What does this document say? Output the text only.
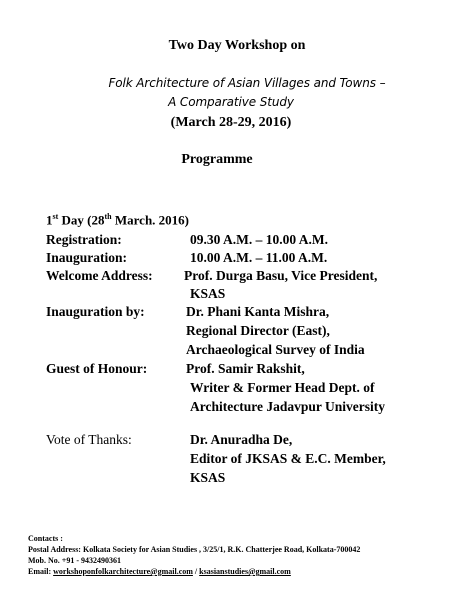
Two Day Workshop on
Folk Architecture of Asian Villages and Towns –
A Comparative Study
(March 28-29, 2016)
Programme
1st Day (28th March. 2016)
Registration:	09.30 A.M. – 10.00 A.M.
Inauguration:	10.00 A.M. – 11.00 A.M.
Welcome Address: Prof. Durga Basu, Vice President,
KSAS
Inauguration by:	Dr. Phani Kanta Mishra,
Regional Director (East),
Archaeological Survey of India
Guest of Honour:	Prof. Samir Rakshit,
Writer & Former Head Dept. of
Architecture Jadavpur University
Vote of Thanks:	Dr. Anuradha De,
Editor of JKSAS & E.C. Member,
KSAS
Contacts :
Postal Address: Kolkata Society for Asian Studies , 3/25/1, R.K. Chatterjee Road, Kolkata-700042
Mob. No. +91 - 9432490361
Email: workshoponfolkarchitecture@gmail.com / ksasianstudies@gmail.com
